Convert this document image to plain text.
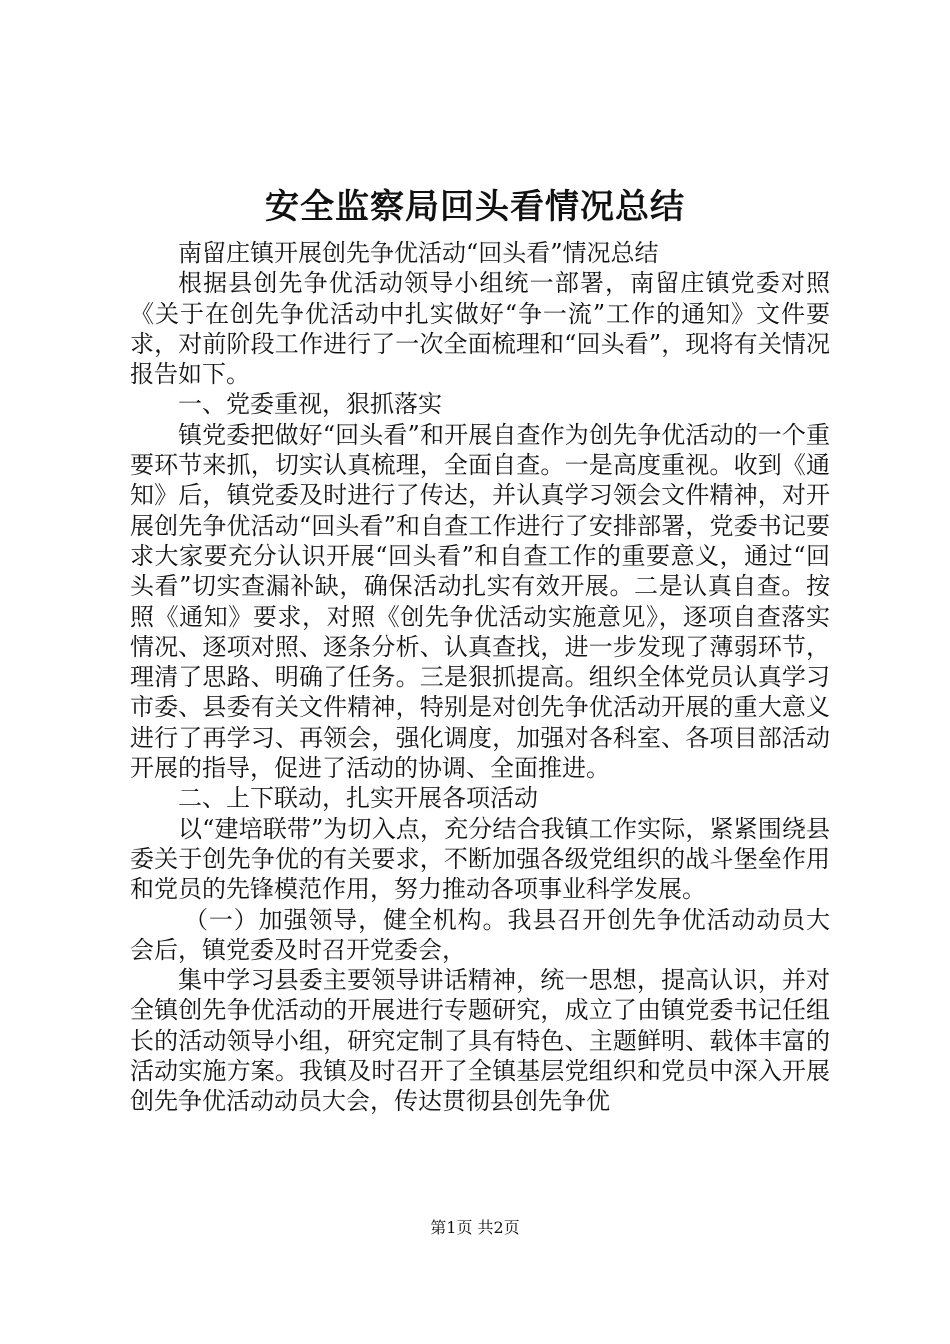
安全监察局回头看情况总结

南留庄镇开展创先争优活动“回头看”情况总结

根据县创先争优活动领导小组统一部署，南留庄镇党委对照《关于在创先争优活动中扎实做好“争一流”工作的通知》文件要求，对前阶段工作进行了一次全面梳理和“回头看”，现将有关情况报告如下。

一、党委重视，狠抓落实

镇党委把做好“回头看”和开展自查作为创先争优活动的一个重要环节来抓，切实认真梳理，全面自查。一是高度重视。收到《通知》后，镇党委及时进行了传达，并认真学习领会文件精神，对开展创先争优活动“回头看”和自查工作进行了安排部署，党委书记要求大家要充分认识开展“回头看”和自查工作的重要意义，通过“回头看”切实查漏补缺，确保活动扎实有效开展。二是认真自查。按照《通知》要求，对照《创先争优活动实施意见》，逐项自查落实情况、逐项对照、逐条分析、认真查找，进一步发现了薄弱环节，理清了思路、明确了任务。三是狠抓提高。组织全体党员认真学习市委、县委有关文件精神，特别是对创先争优活动开展的重大意义进行了再学习、再领会，强化调度，加强对各科室、各项目部活动开展的指导，促进了活动的协调、全面推进。

二、上下联动，扎实开展各项活动

以“建培联带”为切入点，充分结合我镇工作实际，紧紧围绕县委关于创先争优的有关要求，不断加强各级党组织的战斗堡垒作用和党员的先锋模范作用，努力推动各项事业科学发展。

（一）加强领导，健全机构。我县召开创先争优活动动员大会后，镇党委及时召开党委会，

集中学习县委主要领导讲话精神，统一思想，提高认识，并对全镇创先争优活动的开展进行专题研究，成立了由镇党委书记任组长的活动领导小组，研究定制了具有特色、主题鲜明、载体丰富的活动实施方案。我镇及时召开了全镇基层党组织和党员中深入开展创先争优活动动员大会，传达贯彻县创先争优

第1页 共2页
